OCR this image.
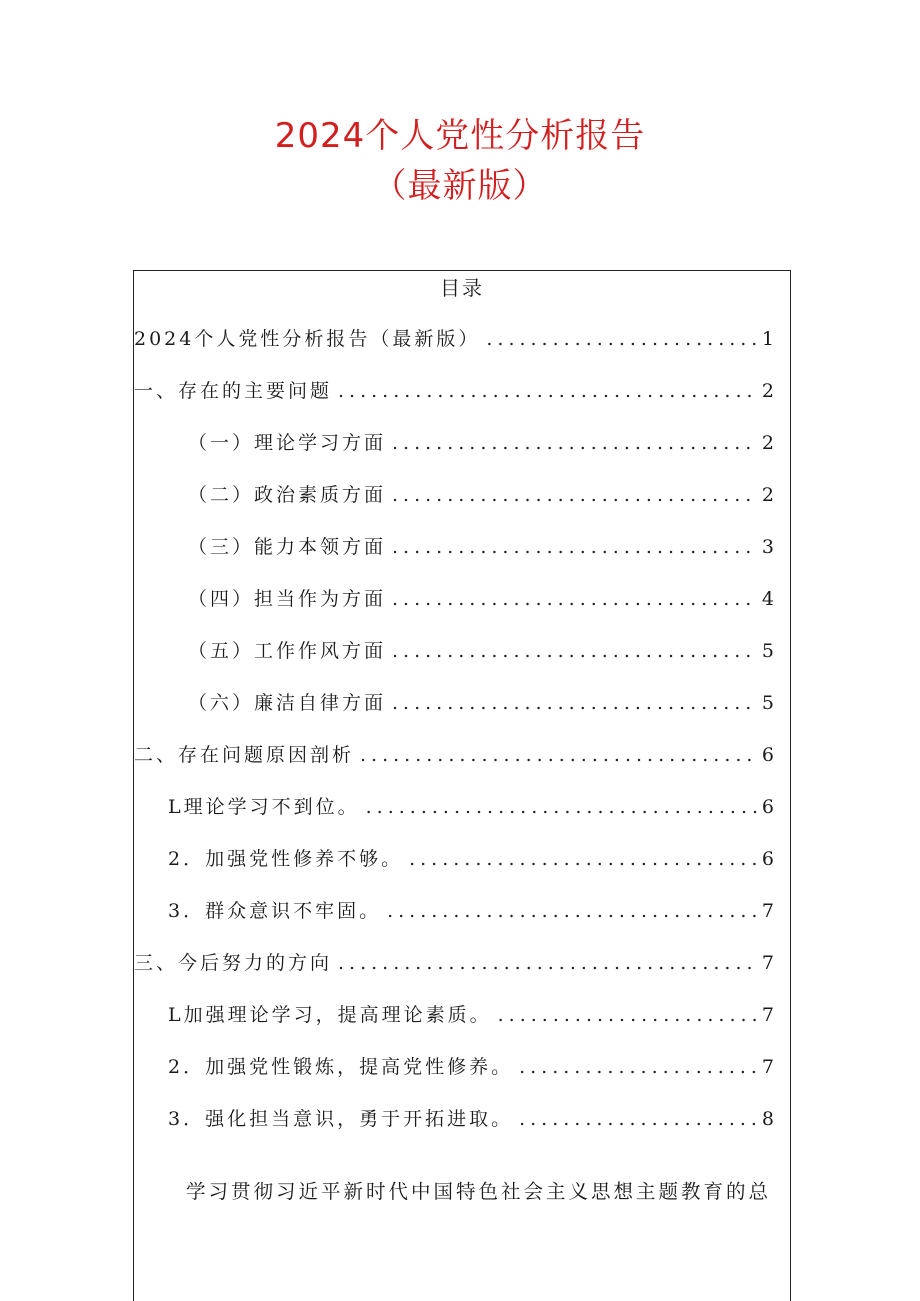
2024个人党性分析报告
（最新版）
目录
2024个人党性分析报告（最新版） .....	1
一、存在的主要问题 .....	2
（一）理论学习方面 .....	2
（二）政治素质方面 .....	2
（三）能力本领方面 .....	3
（四）担当作为方面 .....	4
（五）工作作风方面 .....	5
（六）廉洁自律方面 .....	5
二、存在问题原因剖析 .....	6
L理论学习不到位。 .....	6
2．加强党性修养不够。 .....	6
3．群众意识不牢固。 .....	7
三、今后努力的方向 .....	7
L加强理论学习，提高理论素质。 .....	7
2．加强党性锻炼，提高党性修养。 .....	7
3．强化担当意识，勇于开拓进取。 .....	8

学习贯彻习近平新时代中国特色社会主义思想主题教育的总
